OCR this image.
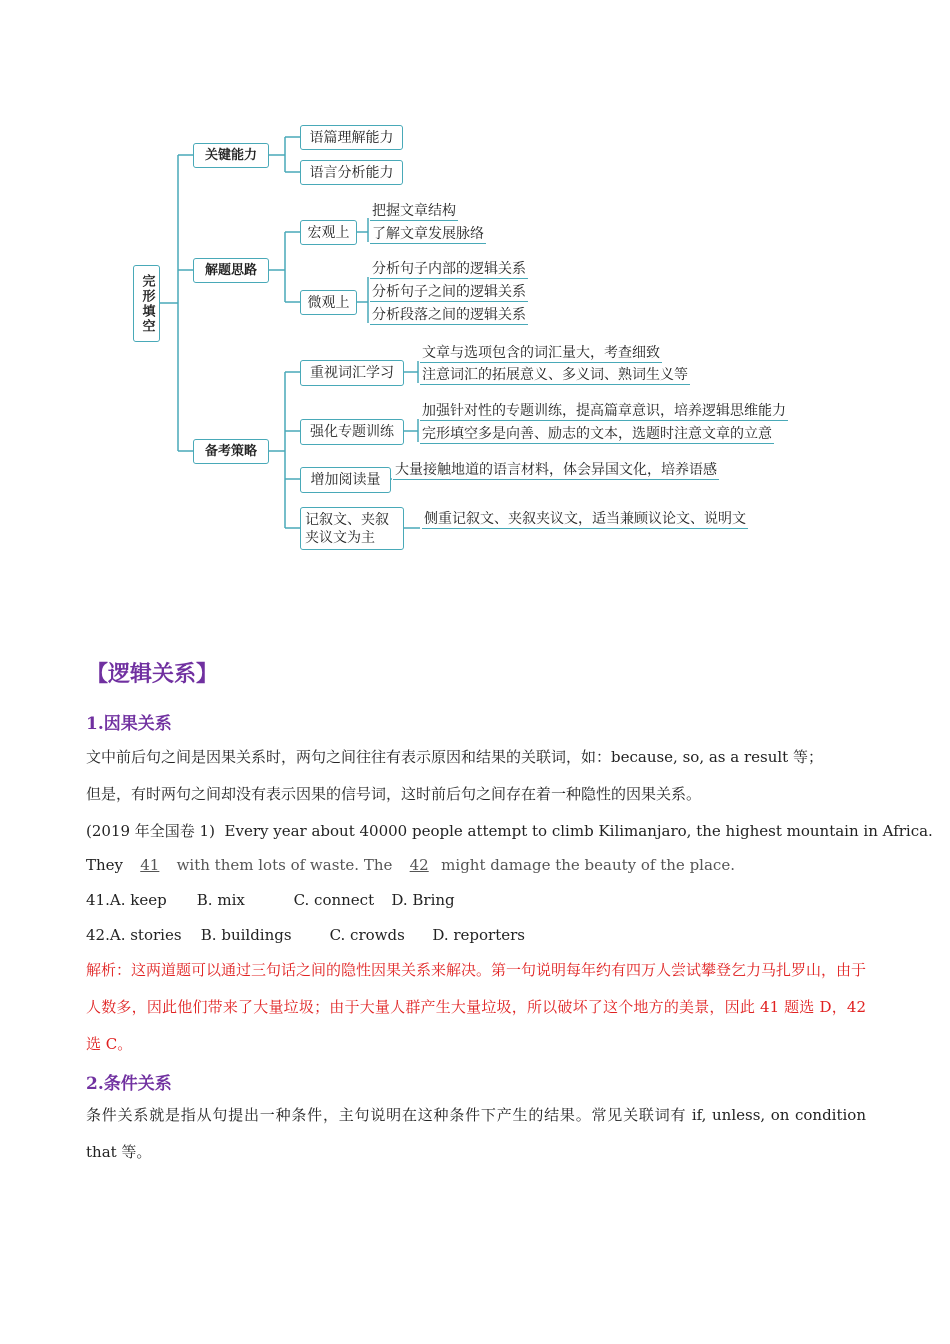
完形填空
关键能力
解题思路
备考策略
语篇理解能力
语言分析能力
宏观上
把握文章结构
了解文章发展脉络
微观上
分析句子内部的逻辑关系
分析句子之间的逻辑关系
分析段落之间的逻辑关系
重视词汇学习
文章与选项包含的词汇量大，考查细致
注意词汇的拓展意义、多义词、熟词生义等
强化专题训练
加强针对性的专题训练，提高篇章意识，培养逻辑思维能力
完形填空多是向善、励志的文本，选题时注意文章的立意
增加阅读量
大量接触地道的语言材料，体会异国文化，培养语感
记叙文、夹叙夹议文为主
侧重记叙文、夹叙夹议文，适当兼顾议论文、说明文
【逻辑关系】
1.因果关系
文中前后句之间是因果关系时，两句之间往往有表示原因和结果的关联词，如：because, so, as a result 等；
但是，有时两句之间却没有表示因果的信号词，这时前后句之间存在着一种隐性的因果关系。
(2019 年全国卷 1) Every year about 40000 people attempt to climb Kilimanjaro, the highest mountain in Africa.
They 41 with them lots of waste. The 42 might damage the beauty of the place.
41.A. keep B. mix	C. connect D. Bring
42.A. stories B. buildings	C. crowds D. reporters
解析：这两道题可以通过三句话之间的隐性因果关系来解决。第一句说明每年约有四万人尝试攀登乞力马扎罗山，由于人数多，因此他们带来了大量垃圾；由于大量人群产生大量垃圾，所以破坏了这个地方的美景，因此 41 题选 D，42 选 C。
2.条件关系
条件关系就是指从句提出一种条件，主句说明在这种条件下产生的结果。常见关联词有 if, unless, on condition that 等。
